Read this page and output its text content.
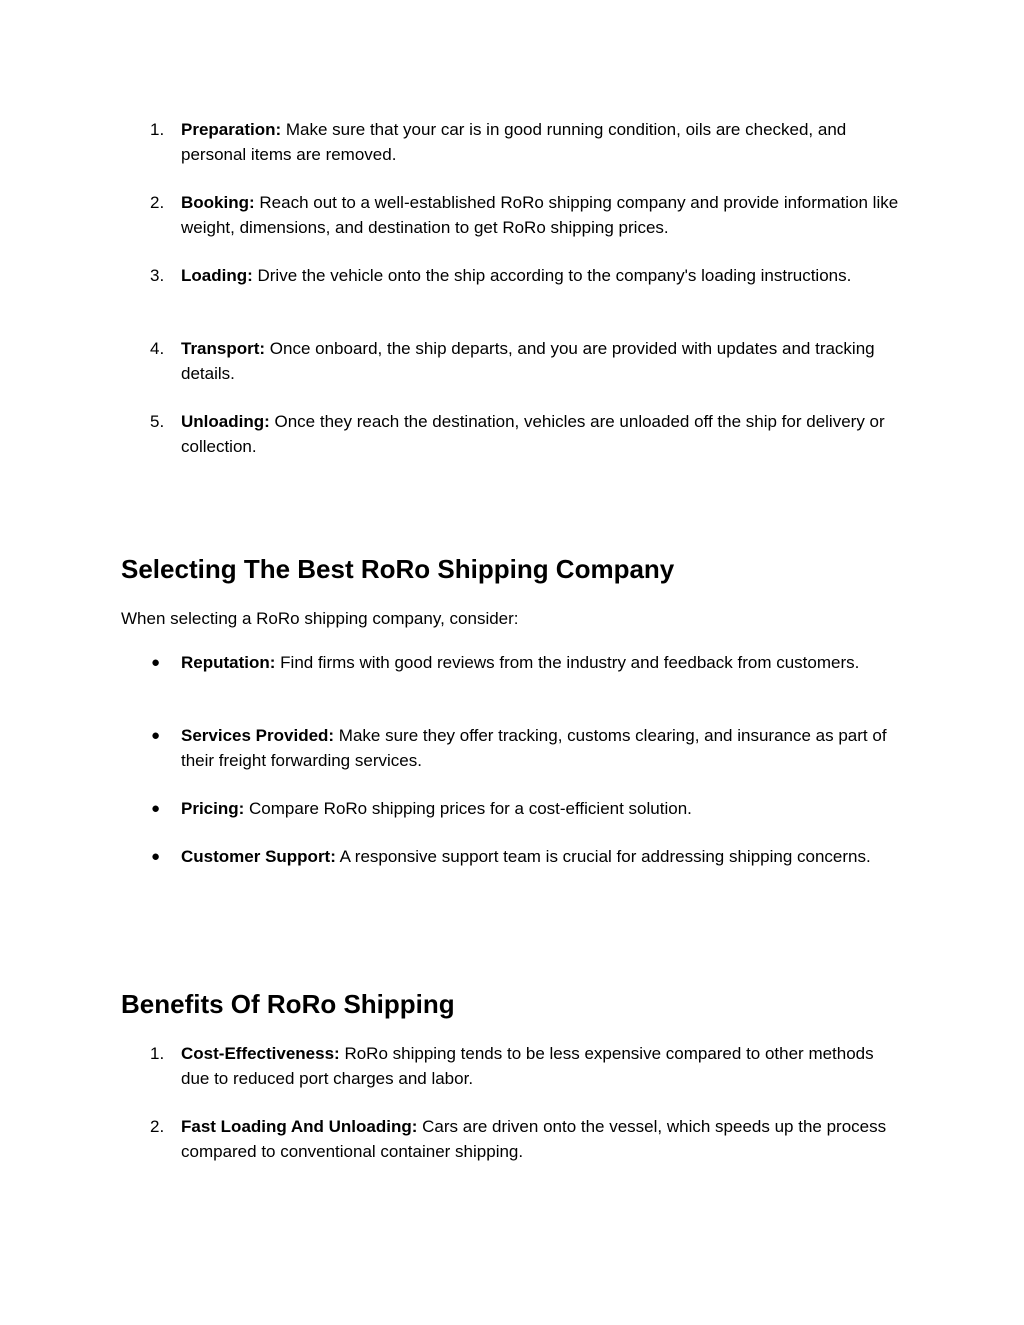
1. Preparation: Make sure that your car is in good running condition, oils are checked, and personal items are removed.
2. Booking: Reach out to a well-established RoRo shipping company and provide information like weight, dimensions, and destination to get RoRo shipping prices.
3. Loading: Drive the vehicle onto the ship according to the company's loading instructions.
4. Transport: Once onboard, the ship departs, and you are provided with updates and tracking details.
5. Unloading: Once they reach the destination, vehicles are unloaded off the ship for delivery or collection.
Selecting The Best RoRo Shipping Company

When selecting a RoRo shipping company, consider:

● Reputation: Find firms with good reviews from the industry and feedback from customers.
● Services Provided: Make sure they offer tracking, customs clearing, and insurance as part of their freight forwarding services.
● Pricing: Compare RoRo shipping prices for a cost-efficient solution.
● Customer Support: A responsive support team is crucial for addressing shipping concerns.
Benefits Of RoRo Shipping
1. Cost-Effectiveness: RoRo shipping tends to be less expensive compared to other methods due to reduced port charges and labor.
2. Fast Loading And Unloading: Cars are driven onto the vessel, which speeds up the process compared to conventional container shipping.
